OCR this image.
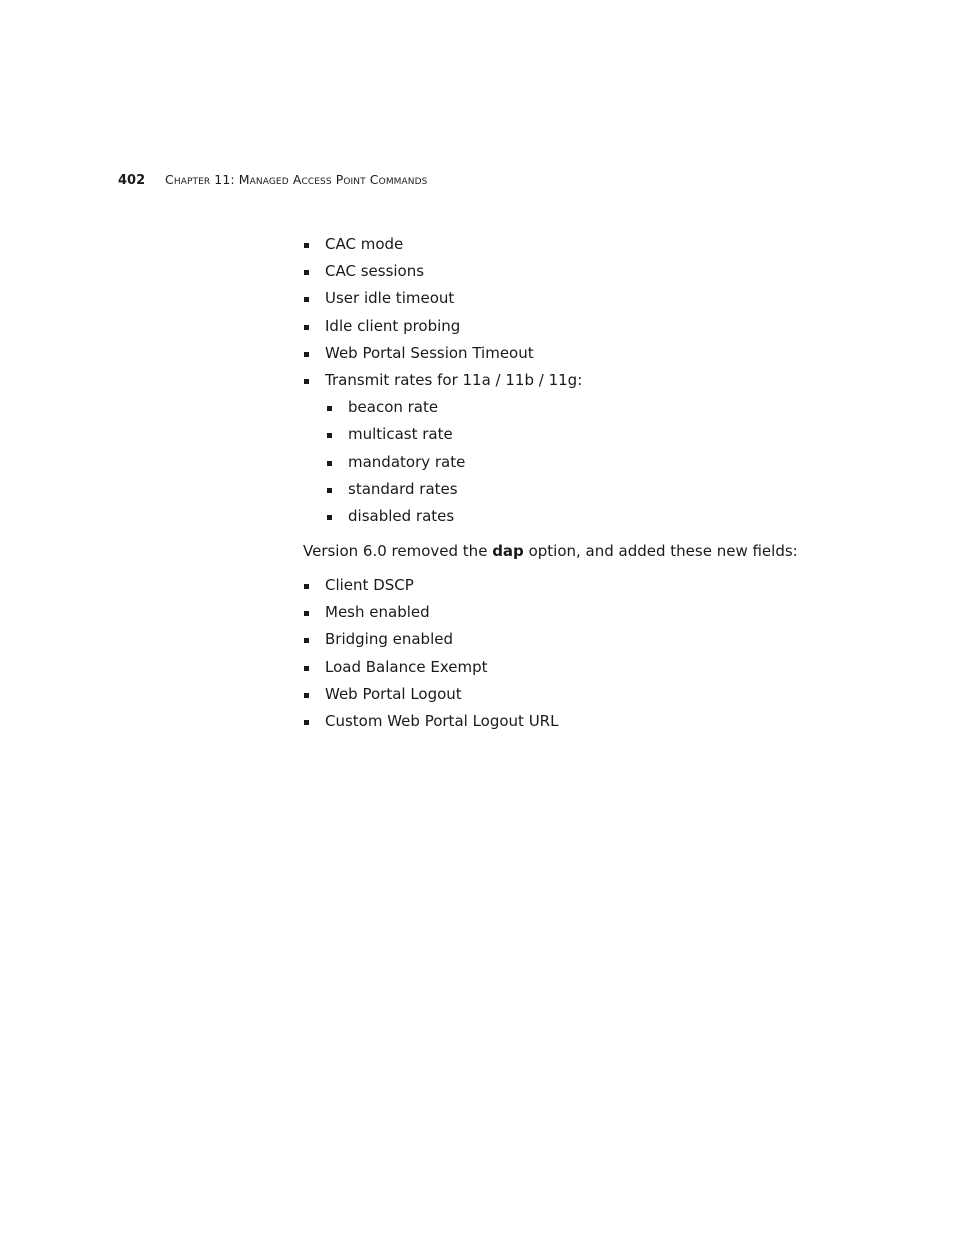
402	Chapter 11: Managed Access Point Commands
CAC mode
CAC sessions
User idle timeout
Idle client probing
Web Portal Session Timeout
Transmit rates for 11a / 11b / 11g:
beacon rate
multicast rate
mandatory rate
standard rates
disabled rates

Version 6.0 removed the dap option, and added these new fields:

Client DSCP
Mesh enabled
Bridging enabled
Load Balance Exempt
Web Portal Logout
Custom Web Portal Logout URL
